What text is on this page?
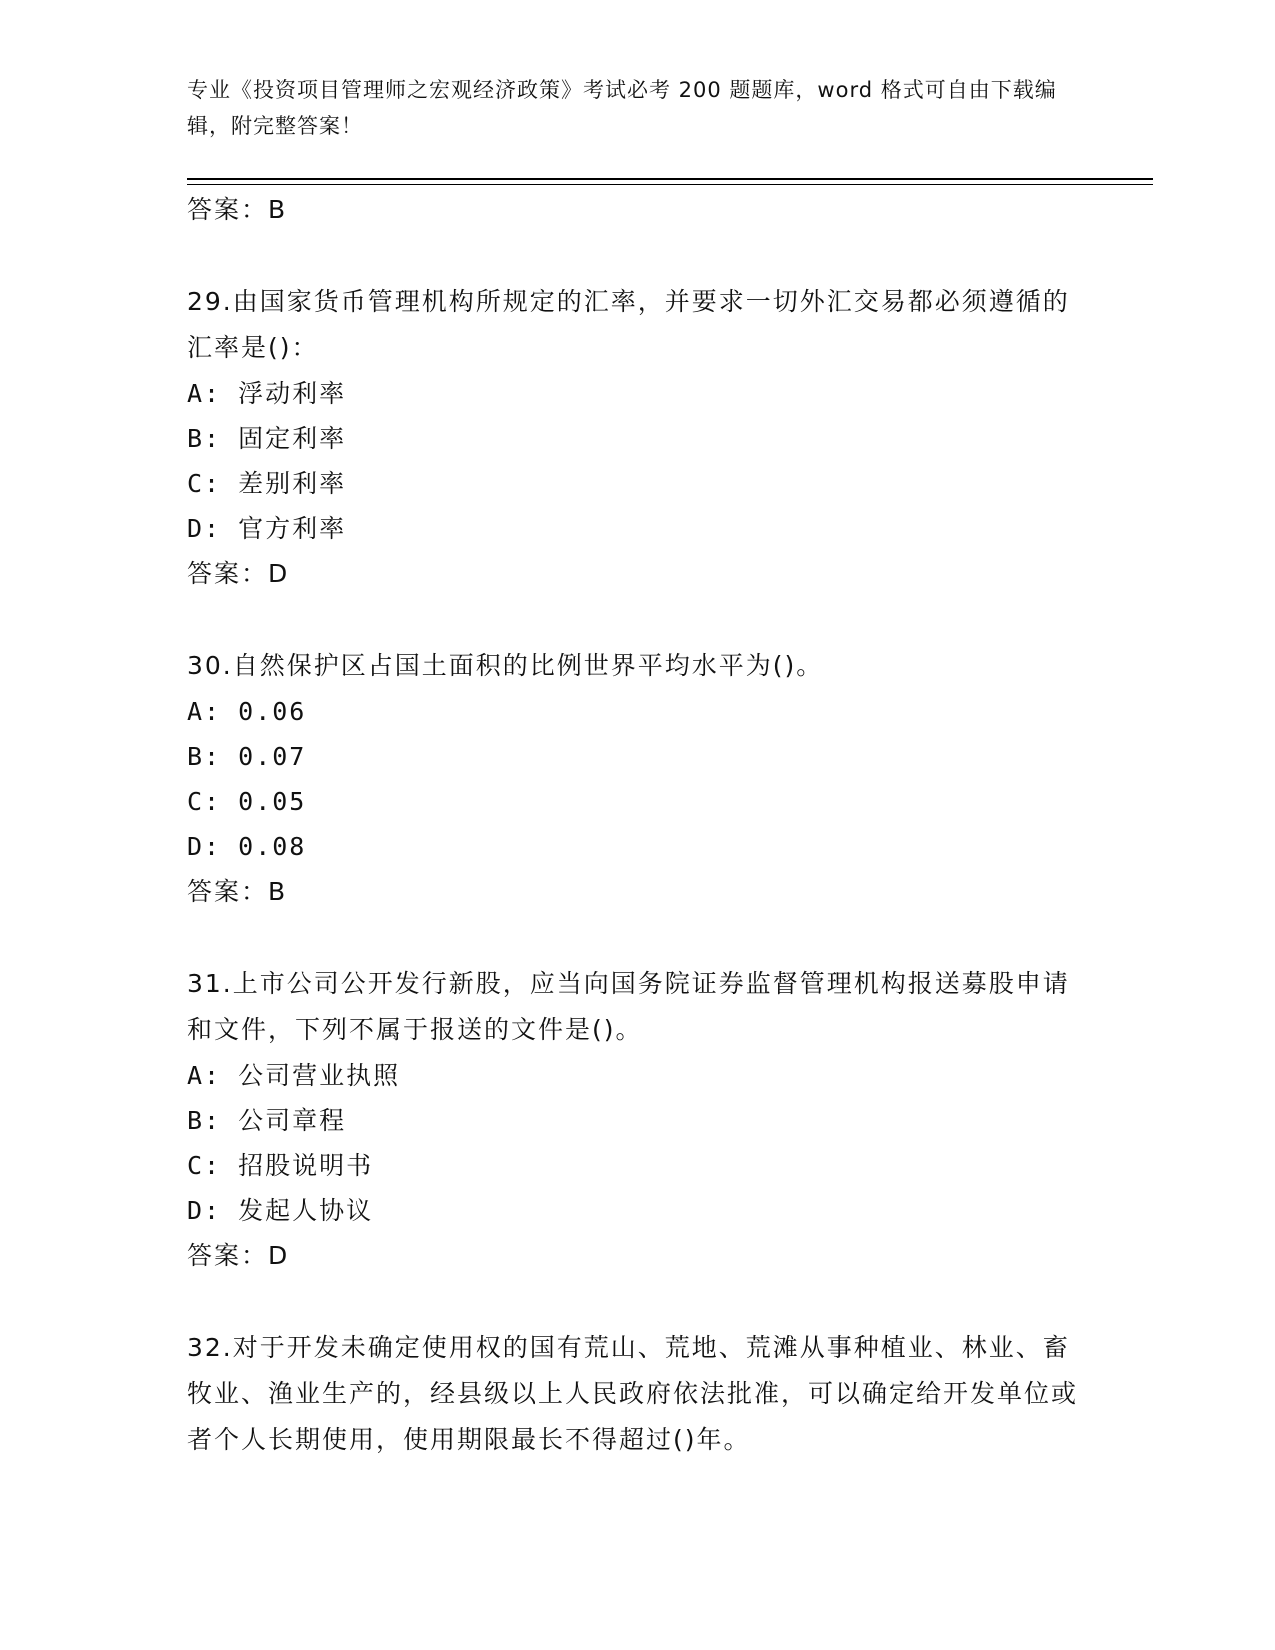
专业《投资项目管理师之宏观经济政策》考试必考 200 题题库，word 格式可自由下载编辑，附完整答案！

答案：B

29.由国家货币管理机构所规定的汇率，并要求一切外汇交易都必须遵循的汇率是()：

A: 浮动利率

B: 固定利率

C: 差别利率

D: 官方利率

答案：D

30.自然保护区占国土面积的比例世界平均水平为()。

A: 0.06

B: 0.07

C: 0.05

D: 0.08

答案：B

31.上市公司公开发行新股，应当向国务院证券监督管理机构报送募股申请和文件，下列不属于报送的文件是()。

A: 公司营业执照

B: 公司章程

C: 招股说明书

D: 发起人协议

答案：D

32.对于开发未确定使用权的国有荒山、荒地、荒滩从事种植业、林业、畜牧业、渔业生产的，经县级以上人民政府依法批准，可以确定给开发单位或者个人长期使用，使用期限最长不得超过()年。
